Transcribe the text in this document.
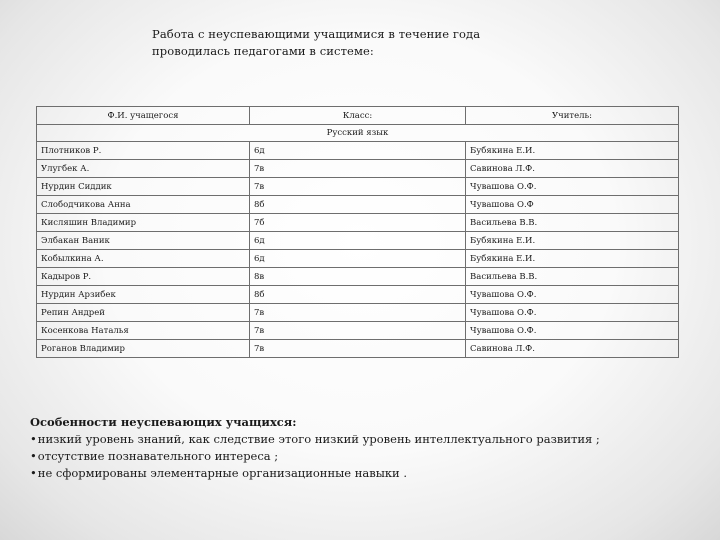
Работа с неуспевающими учащимися в течение года
проводилась педагогами в системе:
Ф.И. учащегося	Класс:	Учитель:
Русский язык		
Плотников Р.	6д	Бубякина Е.И.
Улугбек А.	7в	Савинова Л.Ф.
Нурдин Сиддик	7в	Чувашова О.Ф.
Слободчикова Анна	8б	Чувашова О.Ф
Кисляшин Владимир	7б	Васильева В.В.
Элбакан Ваник	6д	Бубякина Е.И.
Кобылкина А.	6д	Бубякина Е.И.
Кадыров Р.	8в	Васильева В.В.
Нурдин Арзибек	8б	Чувашова О.Ф.
Репин Андрей	7в	Чувашова О.Ф.
Косенкова Наталья	7в	Чувашова О.Ф.
Роганов Владимир	7в	Савинова Л.Ф.
Особенности неуспевающих учащихся:
• низкий уровень знаний, как следствие этого низкий уровень интеллектуального развития ;
• отсутствие познавательного интереса ;
• не сформированы элементарные организационные навыки .
